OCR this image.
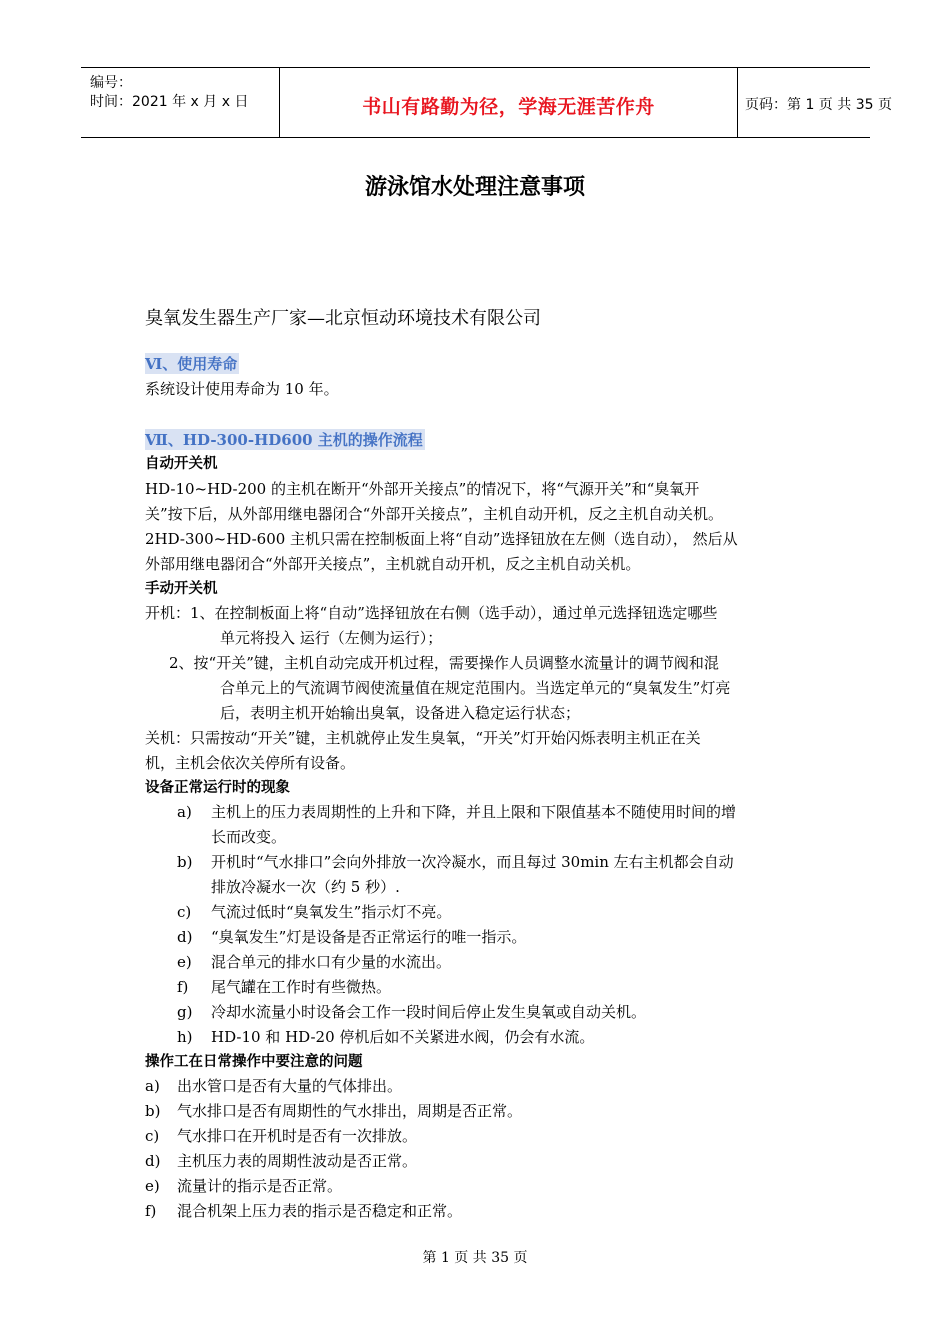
编号：
时间：2021 年 x 月 x 日	书山有路勤为径，学海无涯苦作舟	页码：第 1 页 共 35 页
游泳馆水处理注意事项
臭氧发生器生产厂家—北京恒动环境技术有限公司
Ⅵ、使用寿命
系统设计使用寿命为 10 年。
Ⅶ、HD-300-HD600 主机的操作流程
自动开关机
HD-10~HD-200 的主机在断开“外部开关接点”的情况下，将“气源开关”和“臭氧开
关”按下后，从外部用继电器闭合“外部开关接点”，主机自动开机，反之主机自动关机。
2HD-300~HD-600 主机只需在控制板面上将“自动”选择钮放在左侧（选自动）， 然后从
外部用继电器闭合“外部开关接点”，主机就自动开机，反之主机自动关机。
手动开关机
开机：1、在控制板面上将“自动”选择钮放在右侧（选手动），通过单元选择钮选定哪些
单元将投入 运行（左侧为运行）；
2、按“开关”键，主机自动完成开机过程，需要操作人员调整水流量计的调节阀和混
合单元上的气流调节阀使流量值在规定范围内。当选定单元的“臭氧发生”灯亮
后，表明主机开始输出臭氧，设备进入稳定运行状态；
关机：只需按动“开关”键，主机就停止发生臭氧，“开关”灯开始闪烁表明主机正在关
机，主机会依次关停所有设备。
设备正常运行时的现象
a) 主机上的压力表周期性的上升和下降，并且上限和下限值基本不随使用时间的增
长而改变。
b) 开机时“气水排口”会向外排放一次冷凝水，而且每过 30min 左右主机都会自动
排放冷凝水一次（约 5 秒）.
c) 气流过低时“臭氧发生”指示灯不亮。
d) “臭氧发生”灯是设备是否正常运行的唯一指示。
e) 混合单元的排水口有少量的水流出。
f) 尾气罐在工作时有些微热。
g) 冷却水流量小时设备会工作一段时间后停止发生臭氧或自动关机。
h) HD-10 和 HD-20 停机后如不关紧进水阀，仍会有水流。
操作工在日常操作中要注意的问题
a) 出水管口是否有大量的气体排出。
b) 气水排口是否有周期性的气水排出，周期是否正常。
c) 气水排口在开机时是否有一次排放。
d) 主机压力表的周期性波动是否正常。
e) 流量计的指示是否正常。
f) 混合机架上压力表的指示是否稳定和正常。
第 1 页 共 35 页
